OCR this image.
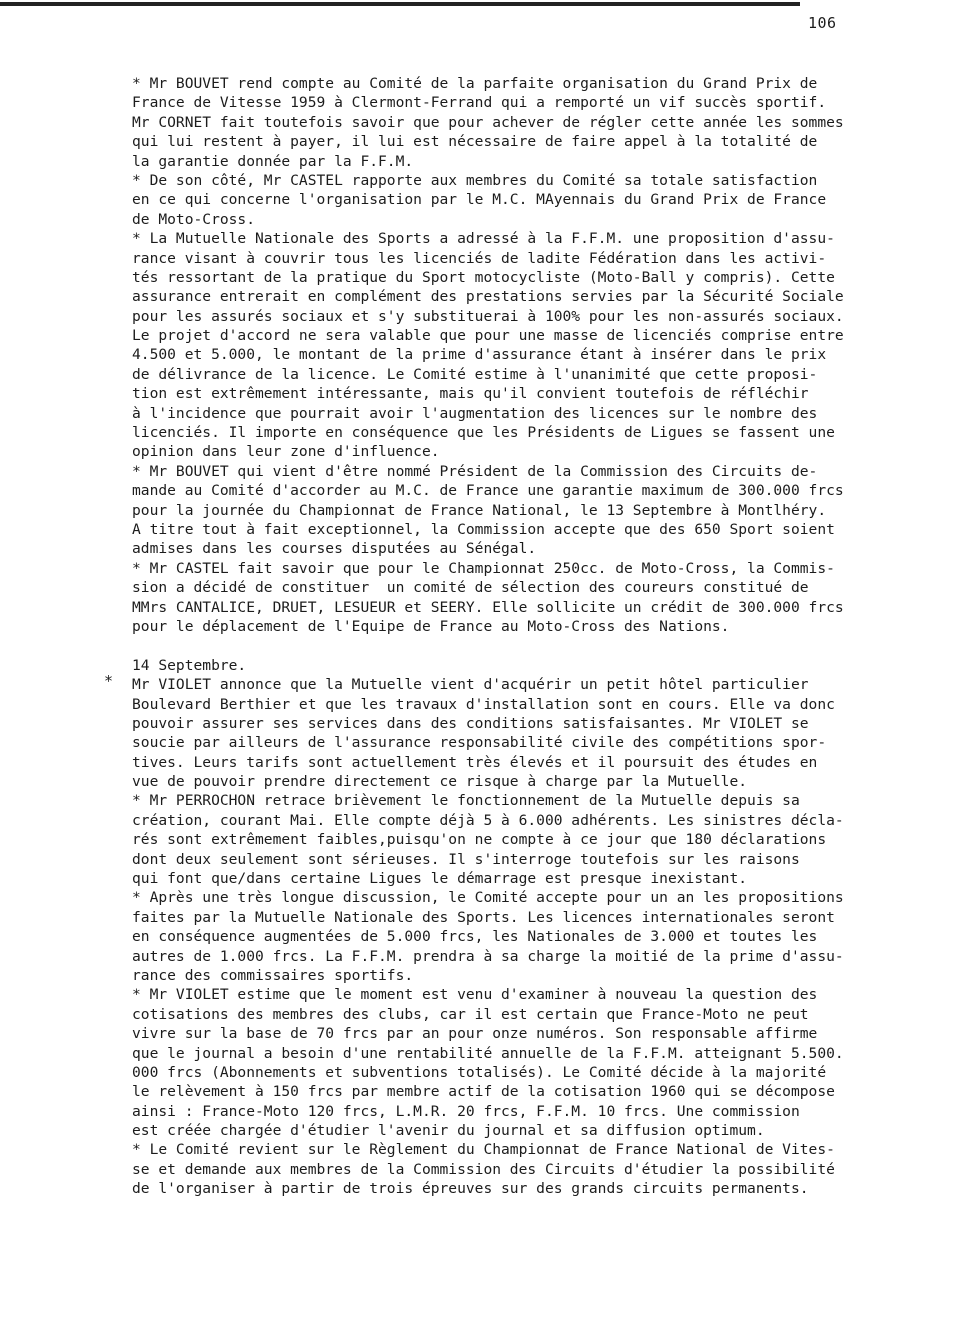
106
*
* Mr BOUVET rend compte au Comité de la parfaite organisation du Grand Prix de
France de Vitesse 1959 à Clermont-Ferrand qui a remporté un vif succès sportif.
Mr CORNET fait toutefois savoir que pour achever de régler cette année les sommes
qui lui restent à payer, il lui est nécessaire de faire appel à la totalité de
la garantie donnée par la F.F.M.
* De son côté, Mr CASTEL rapporte aux membres du Comité sa totale satisfaction
en ce qui concerne l'organisation par le M.C. MAyennais du Grand Prix de France
de Moto-Cross.
* La Mutuelle Nationale des Sports a adressé à la F.F.M. une proposition d'assu-
rance visant à couvrir tous les licenciés de ladite Fédération dans les activi-
tés ressortant de la pratique du Sport motocycliste (Moto-Ball y compris). Cette
assurance entrerait en complément des prestations servies par la Sécurité Sociale
pour les assurés sociaux et s'y substituerai à 100% pour les non-assurés sociaux.
Le projet d'accord ne sera valable que pour une masse de licenciés comprise entre
4.500 et 5.000, le montant de la prime d'assurance étant à insérer dans le prix
de délivrance de la licence. Le Comité estime à l'unanimité que cette proposi-
tion est extrêmement intéressante, mais qu'il convient toutefois de réfléchir
à l'incidence que pourrait avoir l'augmentation des licences sur le nombre des
licenciés. Il importe en conséquence que les Présidents de Ligues se fassent une
opinion dans leur zone d'influence.
* Mr BOUVET qui vient d'être nommé Président de la Commission des Circuits de-
mande au Comité d'accorder au M.C. de France une garantie maximum de 300.000 frcs
pour la journée du Championnat de France National, le 13 Septembre à Montlhéry.
A titre tout à fait exceptionnel, la Commission accepte que des 650 Sport soient
admises dans les courses disputées au Sénégal.
* Mr CASTEL fait savoir que pour le Championnat 250cc. de Moto-Cross, la Commis-
sion a décidé de constituer  un comité de sélection des coureurs constitué de
MMrs CANTALICE, DRUET, LESUEUR et SEERY. Elle sollicite un crédit de 300.000 frcs
pour le déplacement de l'Equipe de France au Moto-Cross des Nations.
14 Septembre.
Mr VIOLET annonce que la Mutuelle vient d'acquérir un petit hôtel particulier
Boulevard Berthier et que les travaux d'installation sont en cours. Elle va donc
pouvoir assurer ses services dans des conditions satisfaisantes. Mr VIOLET se
soucie par ailleurs de l'assurance responsabilité civile des compétitions spor-
tives. Leurs tarifs sont actuellement très élevés et il poursuit des études en
vue de pouvoir prendre directement ce risque à charge par la Mutuelle.
* Mr PERROCHON retrace brièvement le fonctionnement de la Mutuelle depuis sa
création, courant Mai. Elle compte déjà 5 à 6.000 adhérents. Les sinistres décla-
rés sont extrêmement faibles,puisqu'on ne compte à ce jour que 180 déclarations
dont deux seulement sont sérieuses. Il s'interroge toutefois sur les raisons
qui font que/dans certaine Ligues le démarrage est presque inexistant.
* Après une très longue discussion, le Comité accepte pour un an les propositions
faites par la Mutuelle Nationale des Sports. Les licences internationales seront
en conséquence augmentées de 5.000 frcs, les Nationales de 3.000 et toutes les
autres de 1.000 frcs. La F.F.M. prendra à sa charge la moitié de la prime d'assu-
rance des commissaires sportifs.
* Mr VIOLET estime que le moment est venu d'examiner à nouveau la question des
cotisations des membres des clubs, car il est certain que France-Moto ne peut
vivre sur la base de 70 frcs par an pour onze numéros. Son responsable affirme
que le journal a besoin d'une rentabilité annuelle de la F.F.M. atteignant 5.500.
000 frcs (Abonnements et subventions totalisés). Le Comité décide à la majorité
le relèvement à 150 frcs par membre actif de la cotisation 1960 qui se décompose
ainsi : France-Moto 120 frcs, L.M.R. 20 frcs, F.F.M. 10 frcs. Une commission
est créée chargée d'étudier l'avenir du journal et sa diffusion optimum.
* Le Comité revient sur le Règlement du Championnat de France National de Vites-
se et demande aux membres de la Commission des Circuits d'étudier la possibilité
de l'organiser à partir de trois épreuves sur des grands circuits permanents.
